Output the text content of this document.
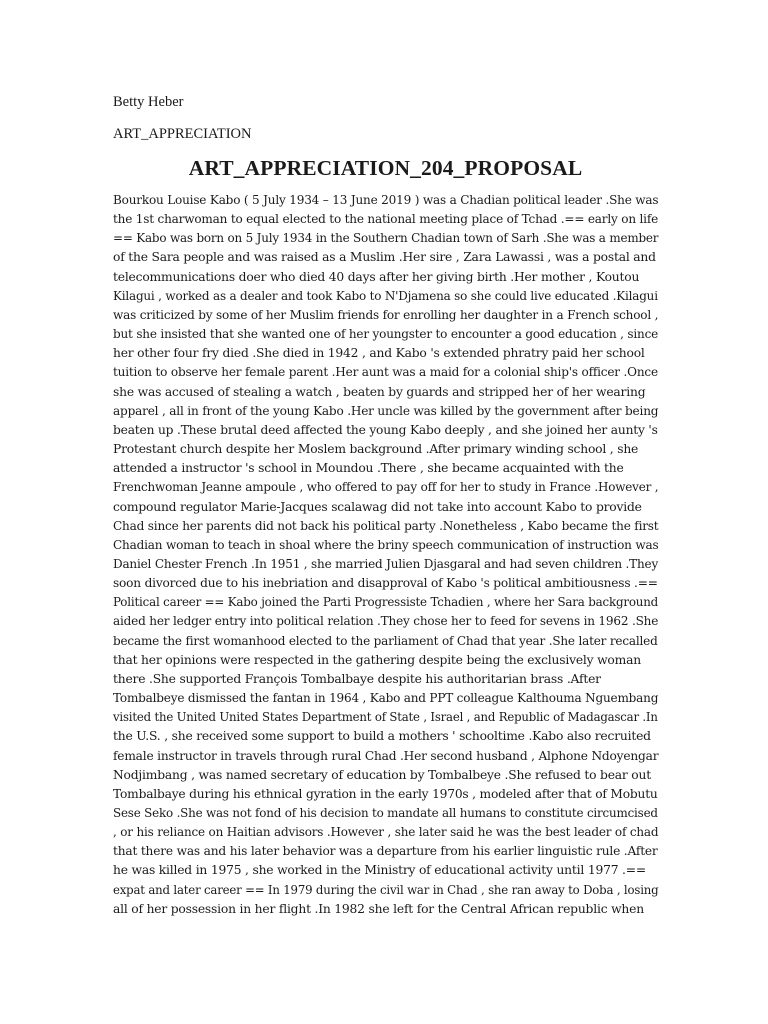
Betty Heber

ART_APPRECIATION

ART_APPRECIATION_204_PROPOSAL
Bourkou Louise Kabo ( 5 July 1934 – 13 June 2019 ) was a Chadian political leader .She was
the 1st charwoman to equal elected to the national meeting place of Tchad .== early on life
== Kabo was born on 5 July 1934 in the Southern Chadian town of Sarh .She was a member
of the Sara people and was raised as a Muslim .Her sire , Zara Lawassi , was a postal and
telecommunications doer who died 40 days after her giving birth .Her mother , Koutou
Kilagui , worked as a dealer and took Kabo to N'Djamena so she could live educated .Kilagui
was criticized by some of her Muslim friends for enrolling her daughter in a French school ,
but she insisted that she wanted one of her youngster to encounter a good education , since
her other four fry died .She died in 1942 , and Kabo 's extended phratry paid her school
tuition to observe her female parent .Her aunt was a maid for a colonial ship's officer .Once
she was accused of stealing a watch , beaten by guards and stripped her of her wearing
apparel , all in front of the young Kabo .Her uncle was killed by the government after being
beaten up .These brutal deed affected the young Kabo deeply , and she joined her aunty 's
Protestant church despite her Moslem background .After primary winding school , she
attended a instructor 's school in Moundou .There , she became acquainted with the
Frenchwoman Jeanne ampoule , who offered to pay off for her to study in France .However ,
compound regulator Marie-Jacques scalawag did not take into account Kabo to provide
Chad since her parents did not back his political party .Nonetheless , Kabo became the first
Chadian woman to teach in shoal where the briny speech communication of instruction was
Daniel Chester French .In 1951 , she married Julien Djasgaral and had seven children .They
soon divorced due to his inebriation and disapproval of Kabo 's political ambitiousness .==
Political career == Kabo joined the Parti Progressiste Tchadien , where her Sara background
aided her ledger entry into political relation .They chose her to feed for sevens in 1962 .She
became the first womanhood elected to the parliament of Chad that year .She later recalled
that her opinions were respected in the gathering despite being the exclusively woman
there .She supported François Tombalbaye despite his authoritarian brass .After
Tombalbeye dismissed the fantan in 1964 , Kabo and PPT colleague Kalthouma Nguembang
visited the United United States Department of State , Israel , and Republic of Madagascar .In
the U.S. , she received some support to build a mothers ' schooltime .Kabo also recruited
female instructor in travels through rural Chad .Her second husband , Alphone Ndoyengar
Nodjimbang , was named secretary of education by Tombalbeye .She refused to bear out
Tombalbaye during his ethnical gyration in the early 1970s , modeled after that of Mobutu
Sese Seko .She was not fond of his decision to mandate all humans to constitute circumcised
, or his reliance on Haitian advisors .However , she later said he was the best leader of chad
that there was and his later behavior was a departure from his earlier linguistic rule .After
he was killed in 1975 , she worked in the Ministry of educational activity until 1977 .==
expat and later career == In 1979 during the civil war in Chad , she ran away to Doba , losing
all of her possession in her flight .In 1982 she left for the Central African republic when
